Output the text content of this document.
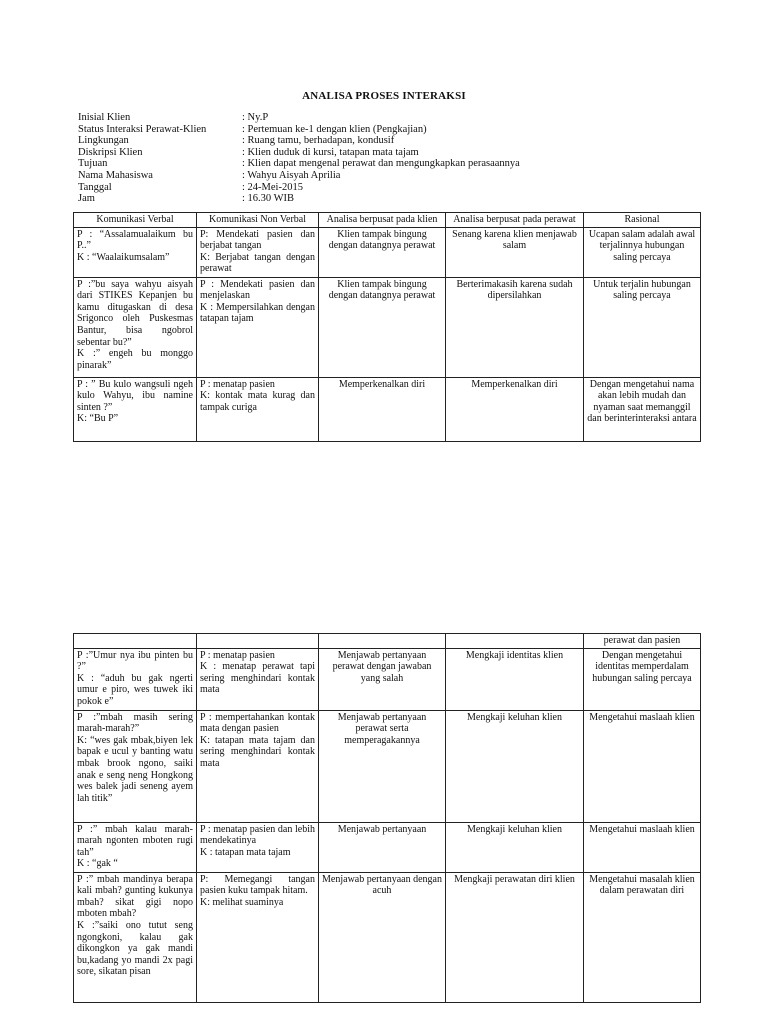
ANALISA PROSES INTERAKSI
Inisial Klien	: Ny.P
Status Interaksi Perawat-Klien	: Pertemuan ke-1 dengan klien (Pengkajian)
Lingkungan	: Ruang tamu, berhadapan, kondusif
Diskripsi Klien	: Klien duduk di kursi, tatapan mata tajam
Tujuan	: Klien dapat mengenal perawat dan mengungkapkan perasaannya
Nama Mahasiswa	: Wahyu Aisyah Aprilia
Tanggal	: 24-Mei-2015
Jam	: 16.30 WIB
Komunikasi Verbal	Komunikasi Non Verbal	Analisa berpusat pada klien	Analisa berpusat pada perawat	Rasional

P : “Assalamualaikum bu P..”
K : “Waalaikumsalam”	P: Mendekati pasien dan berjabat tangan
K: Berjabat tangan dengan perawat	Klien tampak bingung dengan datangnya perawat	Senang karena klien menjawab salam	Ucapan salam adalah awal terjalinnya hubungan saling percaya

P :”bu saya wahyu aisyah dari STIKES Kepanjen bu kamu ditugaskan di desa Srigonco oleh Puskesmas Bantur, bisa ngobrol sebentar bu?”
K :” engeh bu monggo pinarak”	P : Mendekati pasien dan menjelaskan
K : Mempersilahkan dengan tatapan tajam	Klien tampak bingung dengan datangnya perawat	Berterimakasih karena sudah dipersilahkan	Untuk terjalin hubungan saling percaya

P : ” Bu kulo wangsuli ngeh kulo Wahyu, ibu namine sinten ?”
K: “Bu P”	P : menatap pasien
K: kontak mata kurag dan tampak curiga	Memperkenalkan diri	Memperkenalkan diri	Dengan mengetahui nama akan lebih mudah dan nyaman saat memanggil dan berinterinteraksi antara
				perawat dan pasien

P :”Umur nya ibu pinten bu ?”
K : “aduh bu gak ngerti umur e piro, wes tuwek iki pokok e”	P : menatap pasien
K : menatap perawat tapi sering menghindari kontak mata	Menjawab pertanyaan perawat dengan jawaban yang salah	Mengkaji identitas klien	Dengan mengetahui identitas memperdalam hubungan saling percaya

P :”mbah masih sering marah-marah?”
K: “wes gak mbak,biyen lek bapak e ucul y banting watu mbak brook ngono, saiki anak e seng neng Hongkong wes balek jadi seneng ayem lah titik”	P : mempertahankan kontak mata dengan pasien
K: tatapan mata tajam dan sering menghindari kontak mata	Menjawab pertanyaan perawat serta memperagakannya	Mengkaji keluhan klien	Mengetahui maslaah klien

P :” mbah kalau marah-marah ngonten mboten rugi tah”
K : “gak “	P : menatap pasien dan lebih mendekatinya
K : tatapan mata tajam	Menjawab pertanyaan	Mengkaji keluhan klien	Mengetahui maslaah klien

P :” mbah mandinya berapa kali mbah? gunting kukunya mbah? sikat gigi nopo mboten mbah?
K :”saiki ono tutut seng ngongkoni, kalau gak dikongkon ya gak mandi bu,kadang yo mandi 2x pagi sore, sikatan pisan	P: Memegangi tangan pasien kuku tampak hitam.
K: melihat suaminya	Menjawab pertanyaan dengan acuh	Mengkaji perawatan diri klien	Mengetahui masalah klien dalam perawatan diri
